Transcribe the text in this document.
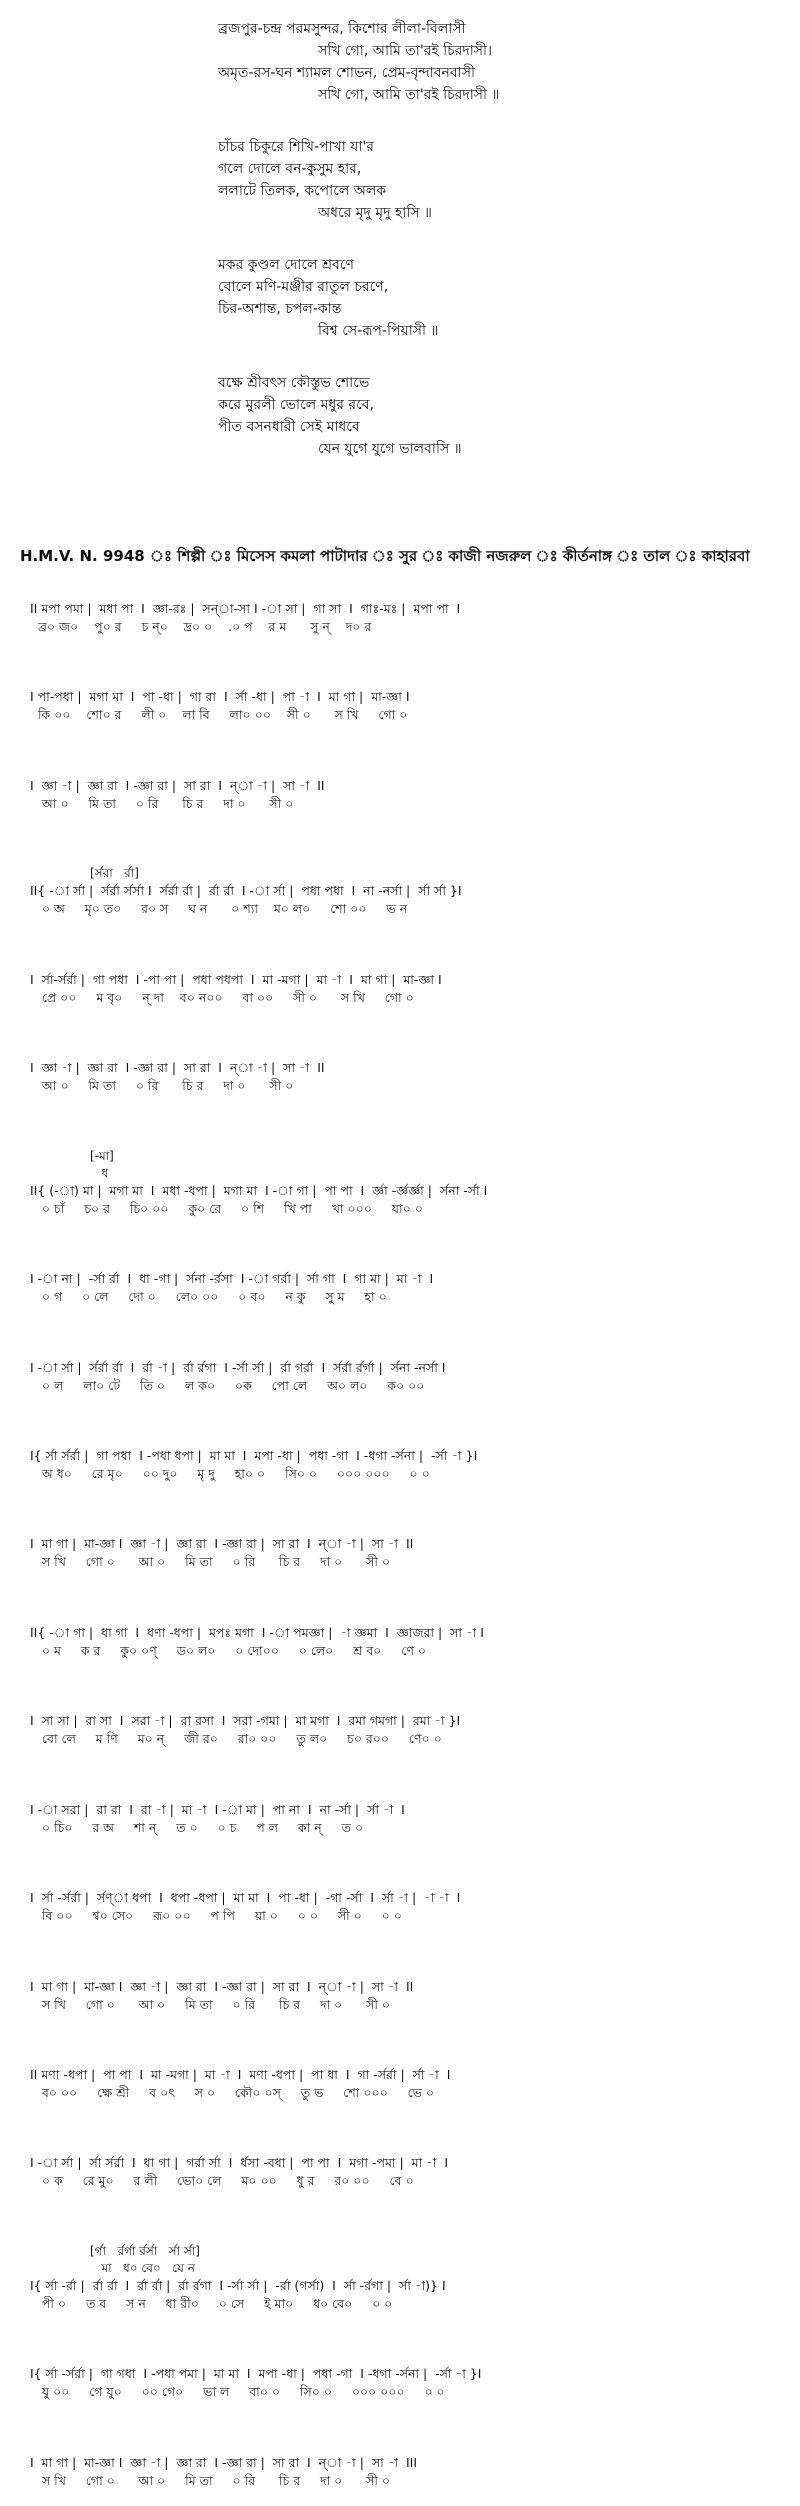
ব্রজপুর-চন্দ্র পরমসুন্দর, কিশোর লীলা-বিলাসী
সখি গো, আমি তা'রই চিরদাসী।
অমৃত-রস-ঘন শ্যামল শোভন, প্রেম-বৃন্দাবনবাসী
সখি গো, আমি তা'রই চিরদাসী ॥
চাঁচর চিকুরে শিখি-পাখা যা'র
গলে দোলে বন-কুসুম হার,
ললাটে তিলক, কপোলে অলক
অধরে মৃদু মৃদু হাসি ॥
মকর কুণ্ডল দোলে শ্রবণে
বোলে মণি-মঞ্জীর রাতুল চরণে,
চির-অশান্ত, চপল-কান্ত
বিশ্ব সে-রূপ-পিয়াসী ॥
বক্ষে শ্রীবৎস কৌস্তুভ শোভে
করে মুরলী ভোলে মধুর রবে,
পীত বসনধারী সেই মাধবে
যেন যুগে যুগে ভালবাসি ॥
H.M.V. N. 9948 ঃ শিল্পী ঃ মিসেস কমলা পাটাদার ঃ সুর ঃ কাজী নজরুল ঃ কীর্তনাঙ্গ ঃ তাল ঃ কাহারবা
II মপা পমা |  মধা পা  I  জ্ঞা-রঃ |  সন্‌া-সা I -া সা |  গা সা  I  গাঃ-মঃ |  মপা পা  I
ব্র০ জ০    পু০ র     চ ন্‌০    দ্র০ ০    .০ প    র ম      সু ন্‌    দ০ র
I পা-পধা |  মগা মা  I  পা -ধা |  গা রা  I  র্সা -ধা |  পা -া  I  মা গা |  মা-জ্ঞা I
কি ০০    শো০ র     লী ০    লা বি     লা০ ০০    সী ০      স খি     গো ০
I  জ্ঞা -া |  জ্ঞা রা  I -জ্ঞা রা |  সা রা  I  ন্‌া -া |  সা -া  II
আ ০     মি তা     ০ রি      চি র     দা ০      সী ০
[র্সরা   র্রা]
II{ -া র্সা |  র্সর্রা র্সর্সা I  র্সর্রা র্রা |  র্রা র্রা  I -া র্সা |  পধা পধা  I  না -নর্সা |  র্সা র্সা }I
০ অ     মৃ০ ত০     র০ স     ঘ ন      ০ শ্যা    ম০ ল০     শো ০০     ভ ন
I  র্সা-র্সর্রা |  গা পধা  I -পা পা |  পধা পধপা  I  মা -মগা |  মা -া  I  মা গা |  মা-জ্ঞা I
প্রে ০০     ম বৃ০     ন্‌ দা    ব০ ন০০     বা ০০     সী ০      স খি     গো ০
I  জ্ঞা -া |  জ্ঞা রা  I -জ্ঞা রা |  সা রা  I  ন্‌া -া |  সা -া  II
আ ০     মি তা     ০ রি      চি র     দা ০      সী ০
[-মা]
ধ
II{ (-া) মা |  মগা মা  I  মধা -ধপা |  মগা মা  I -া গা |  পা পা  I  র্জ্ঞা -র্জ্ঞর্জ্ঞা |  র্সনা -র্সা I
০ চাঁ     চ০ র     চি০ ০০     কু০ রে     ০ শি     খি পা     খা ০০০     যা০ ০
I -া না |  -র্সা র্রা  I  ধা -গা |  র্সনা -র্রসা  I -া গর্রা |  র্সা গা  I  গা মা |  মা -া  I
০ গ     ০ লে     দো ০     লে০ ০০     ০ ব০     ন কু     সু ম     হা ০
I -া র্সা |  র্সর্রা র্রা  I  র্রা -া |  র্রা র্রগা  I -র্সা র্সা |  র্রা গর্রা  I  র্সর্রা র্রর্গা |  র্সনা -নর্সা I
০ ল     লা০ টে     তি ০     ল ক০     ০ক     পো লে     অ০ ল০     ক০ ০০
I{ র্সা র্সর্রা |  গা পধা  I -পধা ধপা |  মা মা  I  মপা -ধা |  পধা -গা  I -ধগা -র্সনা |  -র্সা -া }I
অ ধ০     রে মৃ০     ০০ দু০     মৃ দু     হা০ ০     সি০ ০     ০০০ ০০০     ০ ০
I  মা গা |  মা-জ্ঞা I  জ্ঞা -া |  জ্ঞা রা  I -জ্ঞা রা |  সা রা  I  ন্‌া -া |  সা -া  II
স খি     গো ০      আ ০     মি তা     ০ রি      চি র     দা ০      সী ০
II{ -া গা |  ধা গা  I  ধণা -ধপা |  মপঃ মগা  I -া পমজ্ঞা |  -া জ্ঞমা  I  জ্ঞাজরা |  সা -া I
০ ম     ক র     কু০ ০ণ্‌     ড০ ল০     ০ দো০০     ০ লে০     শ্র ব০     ণে ০
I  সা সা |  রা সা  I  সরা -া |  রা রসা  I  সরা -গমা |  মা মগা  I  রমা গমগা |  রমা -া }I
বো লে     ম ণি     ম০ ন্‌     জী র০     রা০ ০০     তু ল০     চ০ র০০     ণে০ ০
I -া সরা |  রা রা  I  রা -া |  মা -া  I -া মা |  পা না  I  না -র্সা |  র্সা -া  I
০ চি০     র অ     শা ন্‌     ত ০     ০ চ     প ল     কা ন্‌     ত ০
I  র্সা -র্সর্রা |  র্সণ্‌া ধপা  I  ধপা -ধপা |  মা মা  I  পা -ধা |  -গা -র্সা  I  র্সা -া |  -া -া  I
বি ০০     শ্ব০ সে০     রূ০ ০০     প পি     য়া ০     ০ ০     সী ০     ০ ০
I  মা গা |  মা-জ্ঞা I  জ্ঞা -া |  জ্ঞা রা  I -জ্ঞা রা |  সা রা  I  ন্‌া -া |  সা -া  II
স খি     গো ০      আ ০     মি তা     ০ রি      চি র     দা ০      সী ০
II মণা -ধপা |  পা পা  I  মা -মগা |  মা -া  I  মণা -ধপা |  পা ধা  I  গা -র্সর্রা |  র্সা -া  I
ব০ ০০     ক্ষে শ্রী     ব ০ৎ     স ০     কৌ০ ০স্     তু ভ     শো ০০০     ভে ০
I -া র্সা |  র্সা র্সর্রা  I  ধা গা |  গর্রা র্সা  I  র্ধসা -বধা |  পা পা  I  মগা -পমা |  মা -া  I
০ ক     রে মু০     র লী     ভো০ লে     ম০ ০০     ধু র     র০ ০০     বে ০
[র্গা   র্রর্গা র্রর্সা   র্সা র্সা]
মা   ধ০ বে০   যে ন
I{ র্সা -র্রা |  র্রা র্রা  I  র্রা র্রা |  র্রা র্রগা  I -র্সা র্সা |  -র্রা (গর্সা)  I  র্সা -র্রগা |  র্সা -া)} I
পী ০     ত ব     স ন     ধা রী০     ০ সে     ই মা০     ধ০ বে০     ০ ০
I{ র্সা -র্সর্রা |  গা গধা  I -পধা পমা |  মা মা  I  মপা -ধা |  পধা -গা  I -ধগা -র্সনা |  -র্সা -া }I
যু ০০     গে যু০     ০০ গে০     ভা ল     বা০ ০     সি০ ০     ০০০ ০০০     ০ ০
I  মা গা |  মা-জ্ঞা I  জ্ঞা -া |  জ্ঞা রা  I -জ্ঞা রা |  সা রা  I  ন্‌া -া |  সা -া  III
স খি     গো ০      আ ০     মি তা     ০ রি      চি র     দা ০      সী ০
